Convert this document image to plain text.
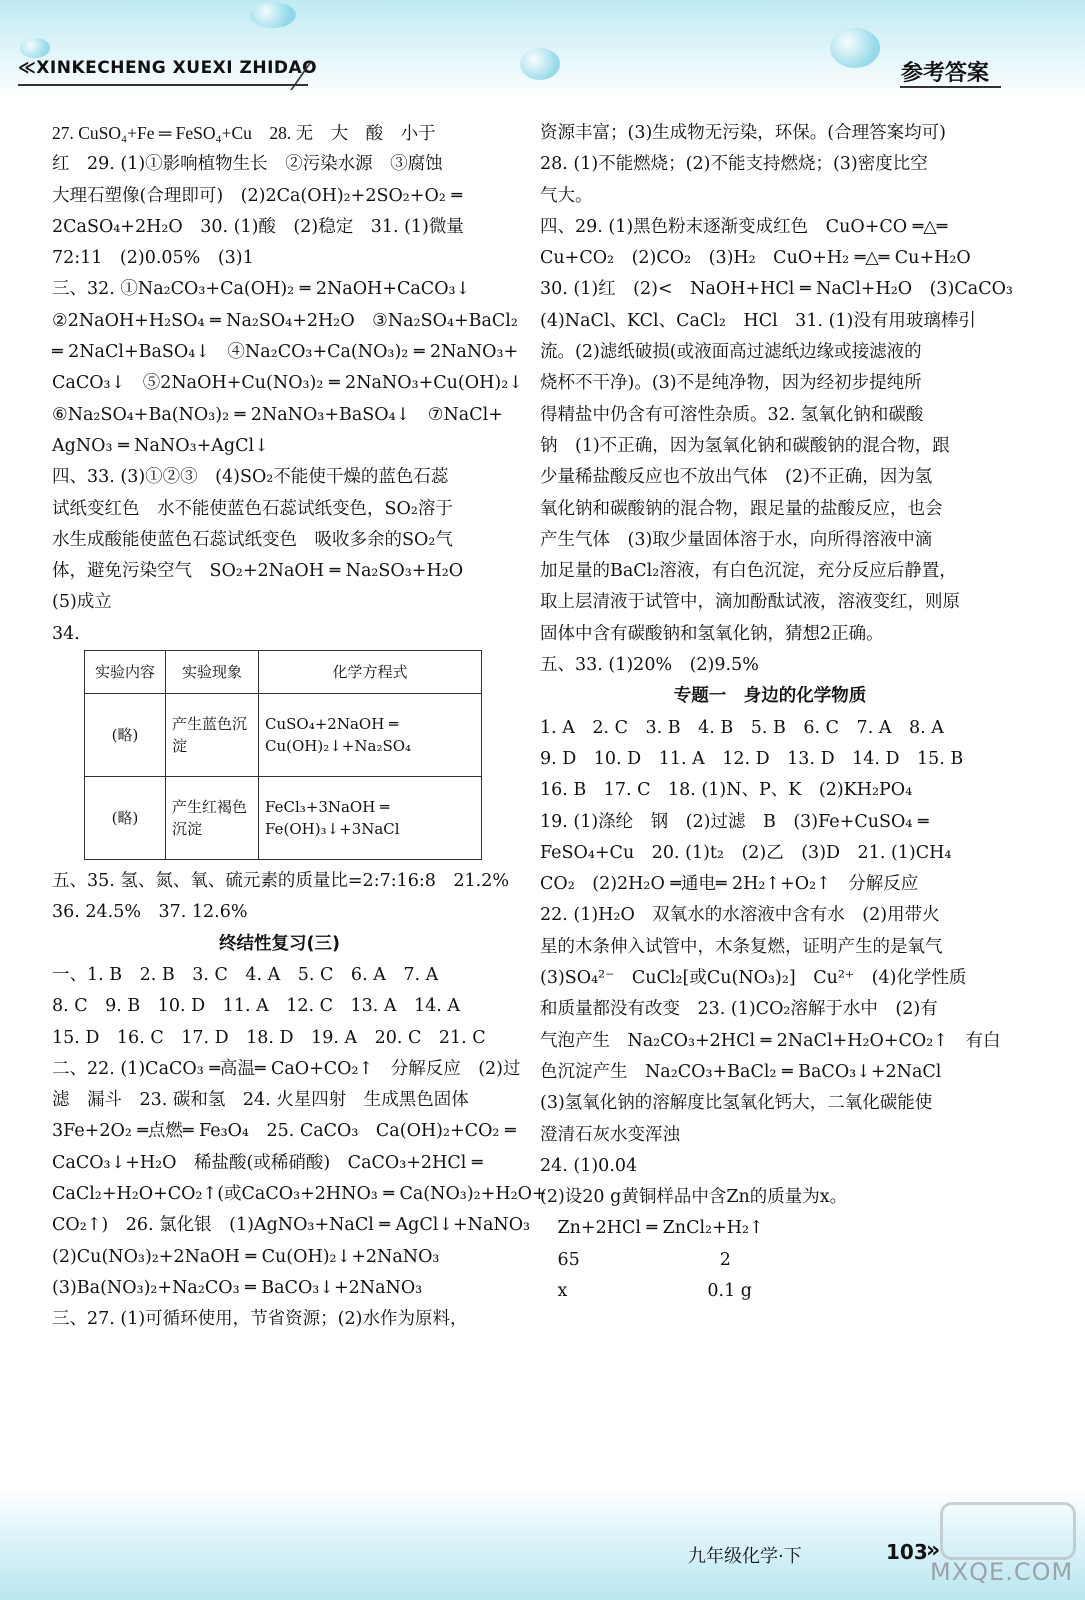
≪XINKECHENG XUEXI ZHIDAO	参考答案

27. CuSO₄+Fe ═ FeSO₄+Cu　28. 无　大　酸　小于

红　29. (1)①影响植物生长　②污染水源　③腐蚀

大理石塑像(合理即可)　(2)2Ca(OH)₂+2SO₂+O₂ ═

2CaSO₄+2H₂O　30. (1)酸　(2)稳定　31. (1)微量

72:11　(2)0.05%　(3)1

三、32. ①Na₂CO₃+Ca(OH)₂ ═ 2NaOH+CaCO₃↓

②2NaOH+H₂SO₄ ═ Na₂SO₄+2H₂O　③Na₂SO₄+BaCl₂

═ 2NaCl+BaSO₄↓　④Na₂CO₃+Ca(NO₃)₂ ═ 2NaNO₃+

CaCO₃↓　⑤2NaOH+Cu(NO₃)₂ ═ 2NaNO₃+Cu(OH)₂↓

⑥Na₂SO₄+Ba(NO₃)₂ ═ 2NaNO₃+BaSO₄↓　⑦NaCl+

AgNO₃ ═ NaNO₃+AgCl↓

四、33. (3)①②③　(4)SO₂不能使干燥的蓝色石蕊

试纸变红色　水不能使蓝色石蕊试纸变色，SO₂溶于

水生成酸能使蓝色石蕊试纸变色　吸收多余的SO₂气

体，避免污染空气　SO₂+2NaOH ═ Na₂SO₃+H₂O

(5)成立

34.

实验内容	实验现象	化学方程式
(略)	产生蓝色沉淀	CuSO₄+2NaOH ═ Cu(OH)₂↓+Na₂SO₄
(略)	产生红褐色沉淀	FeCl₃+3NaOH ═ Fe(OH)₃↓+3NaCl

五、35. 氢、氮、氧、硫元素的质量比=2:7:16:8　21.2%

36. 24.5%　37. 12.6%

终结性复习(三)

一、1. B　2. B　3. C　4. A　5. C　6. A　7. A

8. C　9. B　10. D　11. A　12. C　13. A　14. A

15. D　16. C　17. D　18. D　19. A　20. C　21. C

二、22. (1)CaCO₃ ═高温═ CaO+CO₂↑　分解反应　(2)过

滤　漏斗　23. 碳和氢　24. 火星四射　生成黑色固体

3Fe+2O₂ ═点燃═ Fe₃O₄　25. CaCO₃　Ca(OH)₂+CO₂ ═

CaCO₃↓+H₂O　稀盐酸(或稀硝酸)　CaCO₃+2HCl ═

CaCl₂+H₂O+CO₂↑(或CaCO₃+2HNO₃ ═ Ca(NO₃)₂+H₂O+

CO₂↑)　26. 氯化银　(1)AgNO₃+NaCl ═ AgCl↓+NaNO₃

(2)Cu(NO₃)₂+2NaOH ═ Cu(OH)₂↓+2NaNO₃

(3)Ba(NO₃)₂+Na₂CO₃ ═ BaCO₃↓+2NaNO₃

三、27. (1)可循环使用，节省资源；(2)水作为原料，

资源丰富；(3)生成物无污染，环保。(合理答案均可)

28. (1)不能燃烧；(2)不能支持燃烧；(3)密度比空

气大。

四、29. (1)黑色粉末逐渐变成红色　CuO+CO ═△═

Cu+CO₂　(2)CO₂　(3)H₂　CuO+H₂ ═△═ Cu+H₂O

30. (1)红　(2)<　NaOH+HCl ═ NaCl+H₂O　(3)CaCO₃

(4)NaCl、KCl、CaCl₂　HCl　31. (1)没有用玻璃棒引

流。(2)滤纸破损(或液面高过滤纸边缘或接滤液的

烧杯不干净)。(3)不是纯净物，因为经初步提纯所

得精盐中仍含有可溶性杂质。32. 氢氧化钠和碳酸

钠　(1)不正确，因为氢氧化钠和碳酸钠的混合物，跟

少量稀盐酸反应也不放出气体　(2)不正确，因为氢

氧化钠和碳酸钠的混合物，跟足量的盐酸反应，也会

产生气体　(3)取少量固体溶于水，向所得溶液中滴

加足量的BaCl₂溶液，有白色沉淀，充分反应后静置，

取上层清液于试管中，滴加酚酞试液，溶液变红，则原

固体中含有碳酸钠和氢氧化钠，猜想2正确。

五、33. (1)20%　(2)9.5%

专题一　身边的化学物质

1. A　2. C　3. B　4. B　5. B　6. C　7. A　8. A

9. D　10. D　11. A　12. D　13. D　14. D　15. B

16. B　17. C　18. (1)N、P、K　(2)KH₂PO₄

19. (1)涤纶　钢　(2)过滤　B　(3)Fe+CuSO₄ ═

FeSO₄+Cu　20. (1)t₂　(2)乙　(3)D　21. (1)CH₄

CO₂　(2)2H₂O ═通电═ 2H₂↑+O₂↑　分解反应

22. (1)H₂O　双氧水的水溶液中含有水　(2)用带火

星的木条伸入试管中，木条复燃，证明产生的是氧气

(3)SO₄²⁻　CuCl₂[或Cu(NO₃)₂]　Cu²⁺　(4)化学性质

和质量都没有改变　23. (1)CO₂溶解于水中　(2)有

气泡产生　Na₂CO₃+2HCl ═ 2NaCl+H₂O+CO₂↑　有白

色沉淀产生　Na₂CO₃+BaCl₂ ═ BaCO₃↓+2NaCl

(3)氢氧化钠的溶解度比氢氧化钙大，二氧化碳能使

澄清石灰水变浑浊

24. (1)0.04

(2)设20 g黄铜样品中含Zn的质量为x。

　Zn+2HCl ═ ZnCl₂+H₂↑

　65　　　　　　　　2

　x　　　　　　　　0.1 g

九年级化学·下	103
»
MXQE.COM
